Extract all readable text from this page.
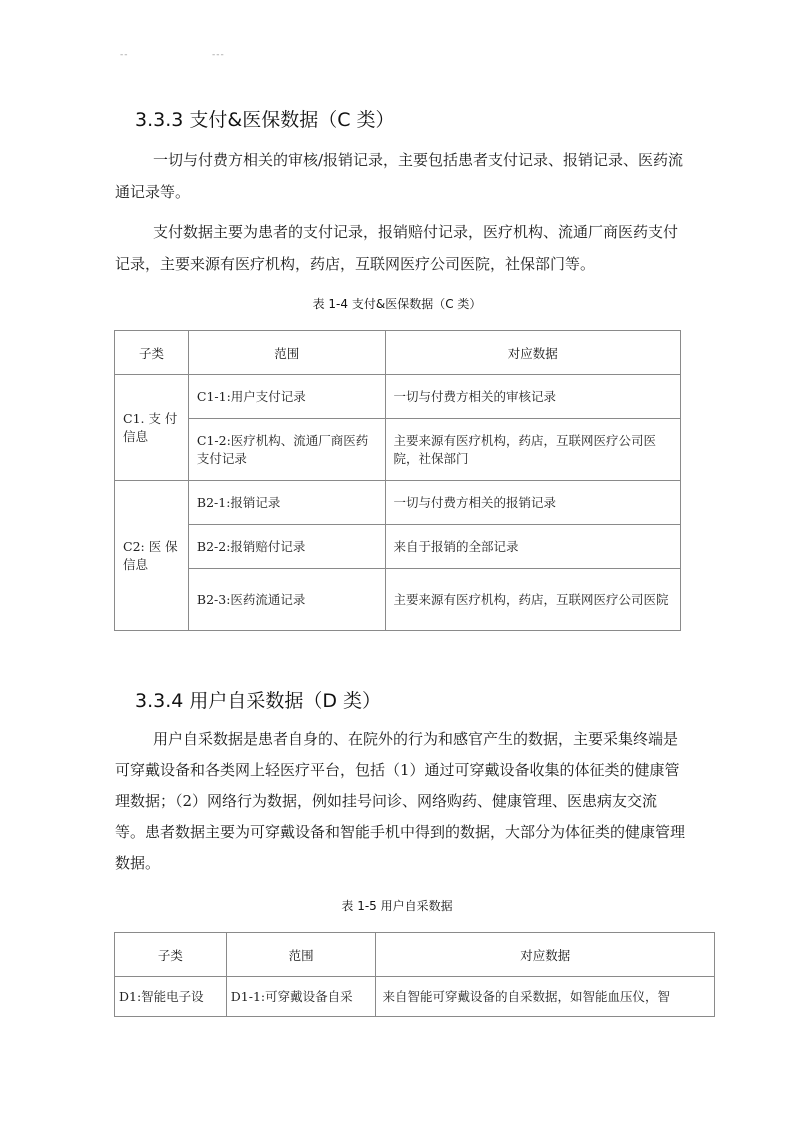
--	---
3.3.3 支付&医保数据（C 类）

一切与付费方相关的审核/报销记录，主要包括患者支付记录、报销记录、医药流通记录等。

支付数据主要为患者的支付记录，报销赔付记录，医疗机构、流通厂商医药支付记录，主要来源有医疗机构，药店，互联网医疗公司医院，社保部门等。

表 1-4 支付&医保数据（C 类）
子类	范围	对应数据
C1. 支 付信息	C1-1:用户支付记录	一切与付费方相关的审核记录
	C1-2:医疗机构、流通厂商医药支付记录	主要来源有医疗机构，药店，互联网医疗公司医院，社保部门
C2: 医 保信息	B2-1:报销记录	一切与付费方相关的报销记录
	B2-2:报销赔付记录	来自于报销的全部记录
	B2-3:医药流通记录	主要来源有医疗机构，药店，互联网医疗公司医院
3.3.4 用户自采数据（D 类）

用户自采数据是患者自身的、在院外的行为和感官产生的数据，主要采集终端是可穿戴设备和各类网上轻医疗平台，包括（1）通过可穿戴设备收集的体征类的健康管理数据；（2）网络行为数据，例如挂号问诊、网络购药、健康管理、医患病友交流等。患者数据主要为可穿戴设备和智能手机中得到的数据，大部分为体征类的健康管理数据。

表 1-5 用户自采数据
子类	范围	对应数据
D1:智能电子设	D1-1:可穿戴设备自采	来自智能可穿戴设备的自采数据，如智能血压仪，智
